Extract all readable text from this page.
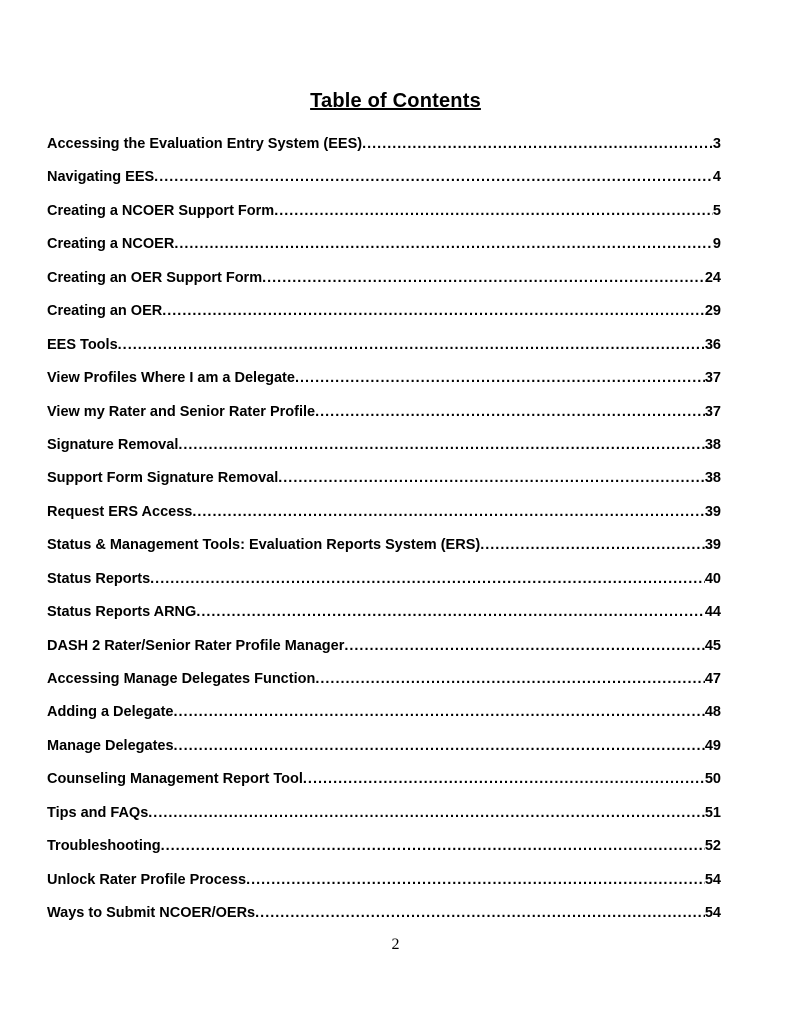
Table of Contents
Accessing the Evaluation Entry System (EES) .....	3
Navigating EES .....	4
Creating a NCOER Support Form .....	5
Creating a NCOER .....	9
Creating an OER Support Form .....	24
Creating an OER .....	29
EES Tools .....	36
View Profiles Where I am a Delegate .....	37
View my Rater and Senior Rater Profile .....	37
Signature Removal .....	38
Support Form Signature Removal .....	38
Request ERS Access .....	39
Status & Management Tools: Evaluation Reports System (ERS) .....	39
Status Reports .....	40
Status Reports ARNG .....	44
DASH 2 Rater/Senior Rater Profile Manager .....	45
Accessing Manage Delegates Function .....	47
Adding a Delegate .....	48
Manage Delegates .....	49
Counseling Management Report Tool .....	50
Tips and FAQs .....	51
Troubleshooting .....	52
Unlock Rater Profile Process .....	54
Ways to Submit NCOER/OERs .....	54
2
